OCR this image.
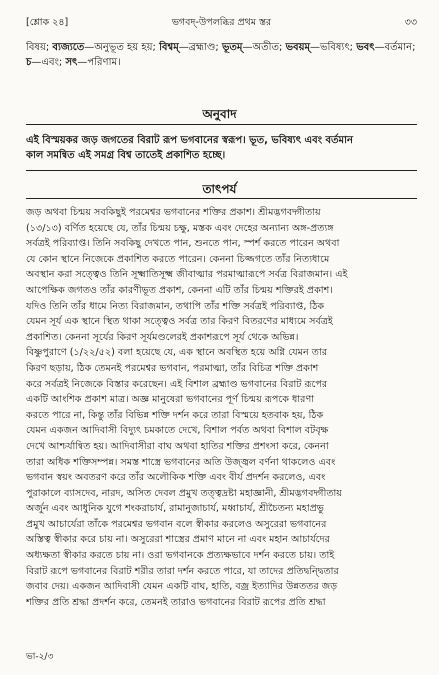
[শ্লোক ২৪]	ভগবদ্-উপলব্ধির প্রথম স্তর	৩৩
বিষয়; ব্যজ্যতে—অনুভূত হয় হয়; বিশ্বম্—ব্রহ্মাণ্ড; ভূতম্—অতীত; ভবয়ম্—ভবিষ্যৎ; ভবৎ—বর্তমান; চ—এবং; সৎ—পরিণাম।
অনুবাদ
এই বিস্ময়কর জড় জগতের বিরাট রূপ ভগবানের স্বরূপ। ভূত, ভবিষ্যৎ এবং বর্তমান
কাল সমন্বিত এই সমগ্র বিশ্ব তাতেই প্রকাশিত হচ্ছে।
তাৎপর্য
জড় অথবা চিন্ময় সবকিছুই পরমেশ্বর ভগবানের শক্তির প্রকাশ। শ্রীমদ্ভগবদ্গীতায়
(১৩/১৩) বর্ণিত হয়েছে যে, তাঁর চিন্ময় চক্ষু, মস্তক এবং দেহের অন্যান্য অঙ্গ-প্রত্যঙ্গ
সর্বত্রই পরিব্যাপ্ত। তিনি সবকিছু দেখতে পান, শুনতে পান, স্পর্শ করতে পারেন অথবা
যে কোন স্থানে নিজেকে প্রকাশিত করতে পারেন। কেননা চিজ্জগতে তাঁর নিত্যধামে
অবস্থান করা সত্ত্বেও তিনি সূক্ষ্মাতিসূক্ষ্ম জীবাত্মার পরমাত্মারূপে সর্বত্র বিরাজমান। এই
আপেক্ষিক জগতও তাঁর কারণীভূত প্রকাশ, কেননা এটি তাঁর চিন্ময় শক্তিরই প্রকাশ।
যদিও তিনি তাঁর ধামে নিত্য বিরাজমান, তথাপি তাঁর শক্তি সর্বত্রই পরিব্যাপ্ত, ঠিক
যেমন সূর্য এক স্থানে স্থিত থাকা সত্ত্বেও সর্বত্র তার কিরণ বিতরণের মাধ্যমে সর্বত্রই
প্রকাশিত। কেননা সূর্যের কিরণ সূর্যমণ্ডলেরই প্রকাশরূপে সূর্য থেকে অভিন্ন।
বিষ্ণুপুরাণে (১/২২/৫২) বলা হয়েছে যে, এক স্থানে অবস্থিত হয়ে অগ্নি যেমন তার
কিরণ ছড়ায়, ঠিক তেমনই পরমেশ্বর ভগবান, পরমাত্মা, তাঁর বিচিত্র শক্তি প্রকাশ
করে সর্বত্রই নিজেকে বিস্তার করেছেন। এই বিশাল ব্রহ্মাণ্ড ভগবানের বিরাট রূপের
একটি আংশিক প্রকাশ মাত্র। অজ্ঞ মানুষেরা ভগবানের পূর্ণ চিন্ময় রূপকে ধারণা
করতে পারে না, কিন্তু তাঁর বিভিন্ন শক্তি দর্শন করে তারা বিস্ময়ে হতবাক হয়, ঠিক
যেমন একজন আদিবাসী বিদ্যুৎ চমকাতে দেখে, বিশাল পর্বত অথবা বিশাল বটবৃক্ষ
দেখে আশ্চর্যান্বিত হয়। আদিবাসীরা বাঘ অথবা হাতির শক্তির প্রশংসা করে, কেননা
তারা অধিক শক্তিসম্পন্ন। সমস্ত শাস্ত্রে ভগবানের অতি উজ্জ্বল বর্ণনা থাকলেও এবং
ভগবান স্বয়ং অবতরণ করে তাঁর অলৌকিক শক্তি এবং বীর্য প্রদর্শন করলেও, এবং
পুরাকালে ব্যাসদেব, নারদ, অসিত দেবল প্রমুখ তত্ত্বদ্রষ্টা মহাজ্ঞানী, শ্রীমদ্ভগবদ্গীতায়
অর্জুন এবং আধুনিক যুগে শংকরাচার্য, রামানুজাচার্য, মধ্বাচার্য, শ্রীচৈতন্য মহাপ্রভু
প্রমুখ আচার্যেরা তাঁকে পরমেশ্বর ভগবান বলে স্বীকার করলেও অসুরেরা ভগবানের
অস্তিত্ব স্বীকার করে চায় না। অসুরেরা শাস্ত্রের প্রমাণ মানে না এবং মহান আচার্যদের
অধ্যক্ষতা স্বীকার করতে চায় না। ওরা ভগবানকে প্রত্যক্ষভাবে দর্শন করতে চায়। তাই
বিরাট রূপে ভগবানের বিরাট শরীর তারা দর্শন করতে পারে, যা তাদের প্রতিদ্বন্দ্বিতার
জবাব দেয়। একজন আদিবাসী যেমন একটি বাঘ, হাতি, বজ্র ইত্যাদির উন্নততর জড়
শক্তির প্রতি শ্রদ্ধা প্রদর্শন করে, তেমনই তারাও ভগবানের বিরাট রূপের প্রতি শ্রদ্ধা
ভা-২/৩
